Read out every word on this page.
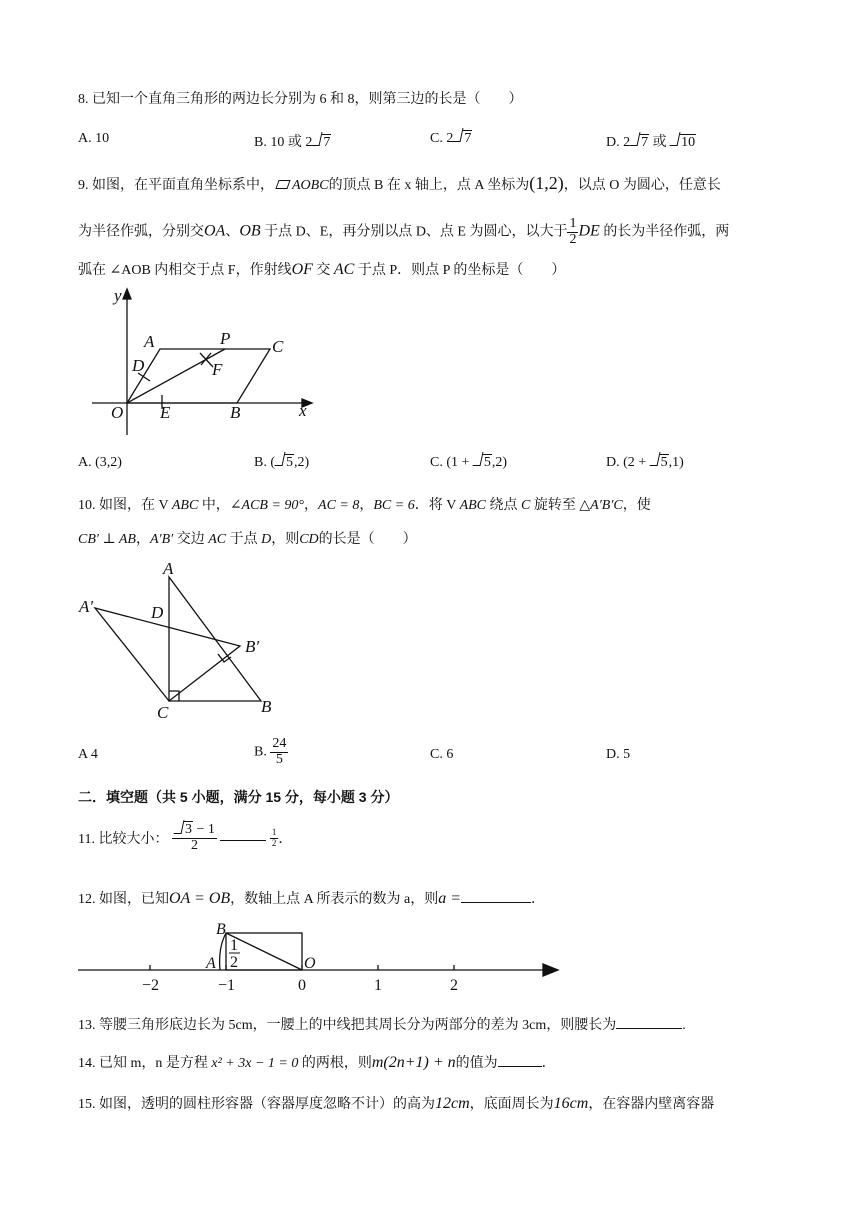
8. 已知一个直角三角形的两边长分别为 6 和 8，则第三边的长是（　　）
A. 10	B. 10 或 2 7	C. 2 7	D. 2 7 或 10
9. 如图，在平面直角坐标系中， AOBC的顶点 B 在 x 轴上，点 A 坐标为(1,2)，以点 O 为圆心，任意长
为半径作弧，分别交OA、OB 于点 D、E，再分别以点 D、点 E 为圆心，以大于 $\frac{1}{2}$ DE 的长为半径作弧，两
弧在 ∠AOB 内相交于点 F，作射线OF 交 AC 于点 P．则点 P 的坐标是（　　）
y
x
O
A	P C
D	F
E	B
A. (3,2)	B. ( 5,2)	C. (1 + 5,2)	D. (2 + 5,1)
10. 如图，在 V ABC 中，∠ACB = 90°，AC = 8，BC = 6．将 V ABC 绕点 C 旋转至 △A′B′C，使
CB′ ⊥ AB，A′B′ 交边 AC 于点 D，则CD的长是（　　）
A
A′	D
B′
C	B
A 4	B. $\frac{24}{5}$	C. 6	D. 5
二．填空题（共 5 小题，满分 15 分，每小题 3 分）
11. 比较大小： $\frac{3 - 1}{2}$
	$\frac{1}{2}$ ．
12. 如图，已知OA = OB，数轴上点 A 所表示的数为 a，则a =	．
B
1
2
A	O
−2	−1	0	1	2
13. 等腰三角形底边长为 5cm，一腰上的中线把其周长分为两部分的差为 3cm，则腰长为	.
14. 已知 m，n 是方程 x² + 3x − 1 = 0 的两根，则m(2n+1) + n的值为	．
15. 如图，透明的圆柱形容器（容器厚度忽略不计）的高为12cm，底面周长为16cm，在容器内壁离容器
